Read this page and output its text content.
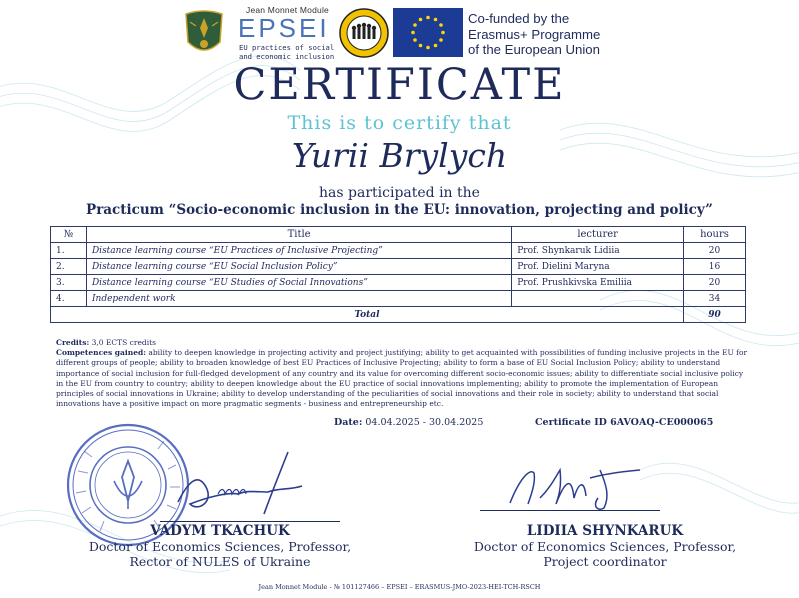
Jean Monnet Module
EPSEI
EU practices of social
and economic inclusion
Co-funded by the
Erasmus+ Programme
of the European Union
CERTIFICATE
This is to certify that
Yurii Brylych
has participated in the
Practicum “Socio-economic inclusion in the EU: innovation, projecting and policy”
№	Title	lecturer	hours
1.	Distance learning course “EU Practices of Inclusive Projecting”	Prof. Shynkaruk Lidiia	20
2.	Distance learning course “EU Social Inclusion Policy”	Prof. Dielini Maryna	16
3.	Distance learning course “EU Studies of Social Innovations”	Prof. Prushkivska Emiliia	20
4.	Independent work		34
Total			90
Credits: 3,0 ECTS credits
Competences gained: ability to deepen knowledge in projecting activity and project justifying; ability to get acquainted with possibilities of funding inclusive projects in the EU for different groups of people; ability to broaden knowledge of best EU Practices of Inclusive Projecting; ability to form a base of EU Social Inclusion Policy; ability to understand importance of social inclusion for full-fledged development of any country and its value for overcoming different socio-economic issues; ability to differentiate social inclusive policy in the EU from country to country; ability to deepen knowledge about the EU practice of social innovations implementing; ability to promote the implementation of European principles of social innovations in Ukraine; ability to develop understanding of the peculiarities of social innovations and their role in society; ability to understand that social innovations have a positive impact on more pragmatic segments - business and entrepreneurship etc.
Date: 04.04.2025 - 30.04.2025	Certificate ID 6AVOAQ-CE000065
VADYM TKACHUK
Doctor of Economics Sciences, Professor,
Rector of NULES of Ukraine
LIDIIA SHYNKARUK
Doctor of Economics Sciences, Professor,
Project coordinator
Jean Monnet Module - № 101127466 – EPSEI – ERASMUS-JMO-2023-HEI-TCH-RSCH
